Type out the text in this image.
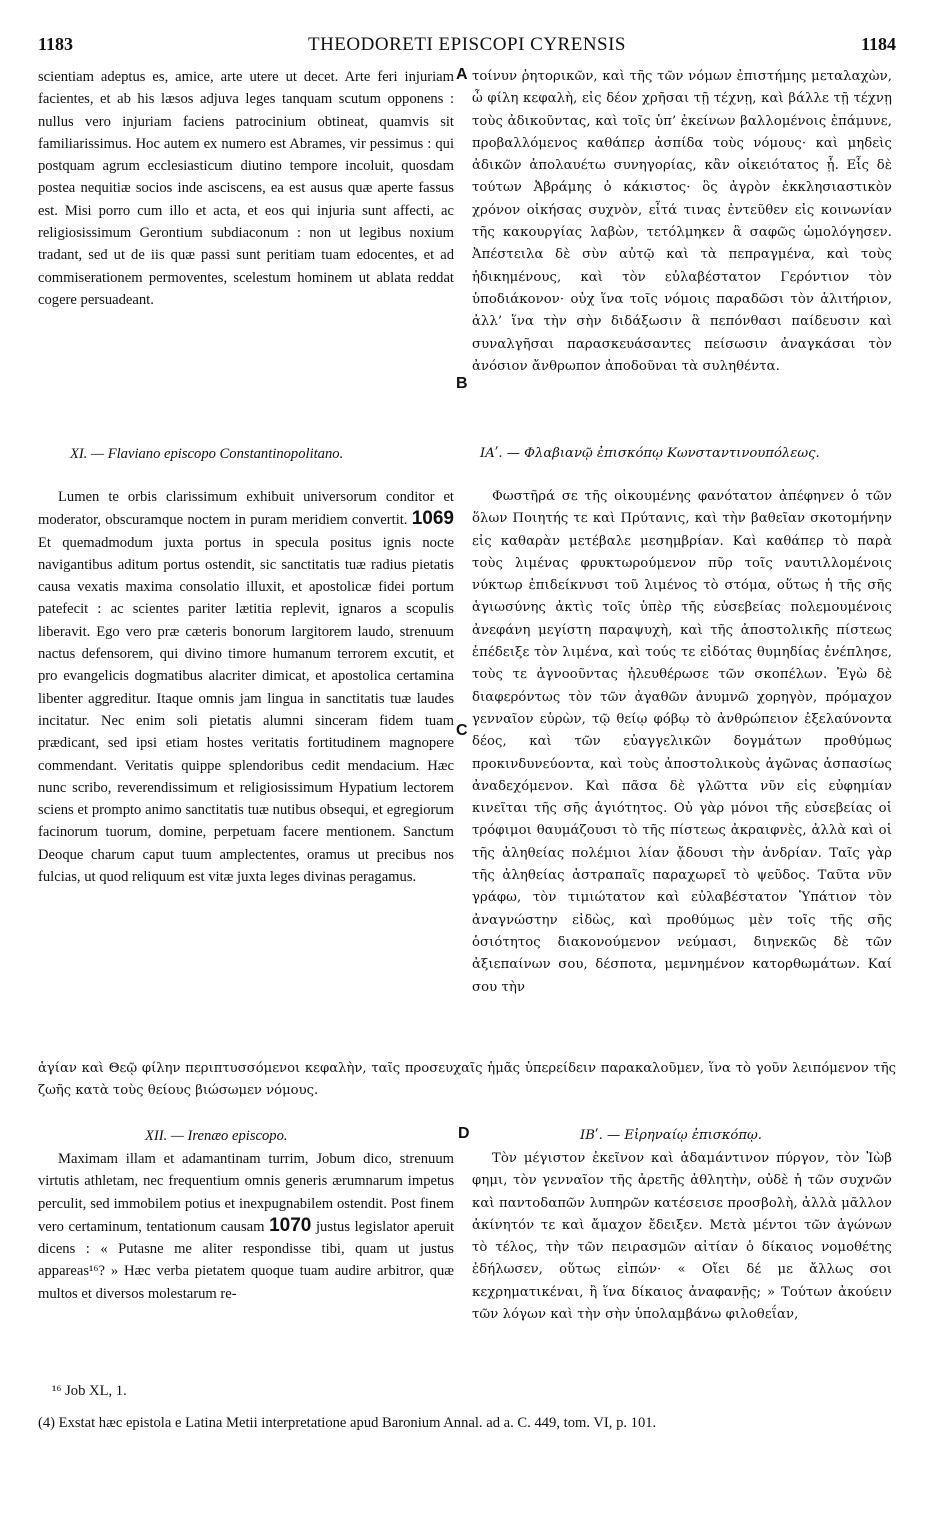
1183	THEODORETI EPISCOPI CYRENSIS	1184
A
B
C
D

scientiam adeptus es, amice, arte utere ut decet. Arte feri injuriam facientes, et ab his læsos adjuva leges tanquam scutum opponens : nullus vero injuriam faciens patrocinium obtineat, quamvis sit familiarissimus. Hoc autem ex numero est Abrames, vir pessimus : qui postquam agrum ecclesiasticum diutino tempore incoluit, quosdam postea nequitiæ socios inde asciscens, ea est ausus quæ aperte fassus est. Misi porro cum illo et acta, et eos qui injuria sunt affecti, ac religiosissimum Gerontium subdiaconum : non ut legibus noxium tradant, sed ut de iis quæ passi sunt peritiam tuam edocentes, et ad commiserationem permoventes, scelestum hominem ut ablata reddat cogere persuadeant.

XI. — Flaviano episcopo Constantinopolitano.

Lumen te orbis clarissimum exhibuit universorum conditor et moderator, obscuramque noctem in puram meridiem convertit. 1069 Et quemadmodum juxta portus in specula positus ignis nocte navigantibus aditum portus ostendit, sic sanctitatis tuæ radius pietatis causa vexatis maxima consolatio illuxit, et apostolicæ fidei portum patefecit : ac scientes pariter lætitia replevit, ignaros a scopulis liberavit. Ego vero præ cæteris bonorum largitorem laudo, strenuum nactus defensorem, qui divino timore humanum terrorem excutit, et pro evangelicis dogmatibus alacriter dimicat, et apostolica certamina libenter aggreditur. Itaque omnis jam lingua in sanctitatis tuæ laudes incitatur. Nec enim soli pietatis alumni sinceram fidem tuam prædicant, sed ipsi etiam hostes veritatis fortitudinem magnopere commendant. Veritatis quippe splendoribus cedit mendacium. Hæc nunc scribo, reverendissimum et religiosissimum Hypatium lectorem sciens et prompto animo sanctitatis tuæ nutibus obsequi, et egregiorum facinorum tuorum, domine, perpetuam facere mentionem. Sanctum Deoque charum caput tuum amplectentes, oramus ut precibus nos fulcias, ut quod reliquum est vitæ juxta leges divinas peragamus.

XII. — Irenæo episcopo.

Maximam illam et adamantinam turrim, Jobum dico, strenuum virtutis athletam, nec frequentium omnis generis ærumnarum impetus perculit, sed immobilem potius et inexpugnabilem ostendit. Post finem vero certaminum, tentationum causam 1070 justus legislator aperuit dicens : « Putasne me aliter respondisse tibi, quam ut justus appareas¹⁶? » Hæc verba pietatem quoque tuam audire arbitror, quæ multos et diversos molestarum re-

τοίνυν ῥητορικῶν, καὶ τῆς τῶν νόμων ἐπιστήμης μεταλαχὼν, ὦ φίλη κεφαλὴ, εἰς δέον χρῆσαι τῇ τέχνῃ, καὶ βάλλε τῇ τέχνῃ τοὺς ἀδικοῦντας, καὶ τοῖς ὑπ’ ἐκείνων βαλλομένοις ἐπάμυνε, προβαλλόμενος καθάπερ ἀσπίδα τοὺς νόμους· καὶ μηδεὶς ἀδικῶν ἀπολαυέτω συνηγορίας, κἂν οἰκειότατος ᾖ. Εἷς δὲ τούτων Ἀβράμης ὁ κάκιστος· ὃς ἀγρὸν ἐκκλησιαστικὸν χρόνον οἰκήσας συχνὸν, εἶτά τινας ἐντεῦθεν εἰς κοινωνίαν τῆς κακουργίας λαβὼν, τετόλμηκεν ἃ σαφῶς ὡμολόγησεν. Ἀπέστειλα δὲ σὺν αὐτῷ καὶ τὰ πεπραγμένα, καὶ τοὺς ἠδικημένους, καὶ τὸν εὐλαβέστατον Γερόντιον τὸν ὑποδιάκονον· οὐχ ἵνα τοῖς νόμοις παραδῶσι τὸν ἀλιτήριον, ἀλλ’ ἵνα τὴν σὴν διδάξωσιν ἃ πεπόνθασι παίδευσιν καὶ συναλγῆσαι παρασκευάσαντες πείσωσιν ἀναγκάσαι τὸν ἀνόσιον ἄνθρωπον ἀποδοῦναι τὰ συληθέντα.

ΙΑʹ. — Φλαβιανῷ ἐπισκόπῳ Κωνσταντινουπόλεως.

Φωστῆρά σε τῆς οἰκουμένης φανότατον ἀπέφηνεν ὁ τῶν ὅλων Ποιητής τε καὶ Πρύτανις, καὶ τὴν βαθεῖαν σκοτομήνην εἰς καθαρὰν μετέβαλε μεσημβρίαν. Καὶ καθάπερ τὸ παρὰ τοὺς λιμένας φρυκτωρούμενον πῦρ τοῖς ναυτιλλομένοις νύκτωρ ἐπιδείκνυσι τοῦ λιμένος τὸ στόμα, οὕτως ἡ τῆς σῆς ἁγιωσύνης ἀκτὶς τοῖς ὑπὲρ τῆς εὐσεβείας πολεμουμένοις ἀνεφάνη μεγίστη παραψυχὴ, καὶ τῆς ἀποστολικῆς πίστεως ἐπέδειξε τὸν λιμένα, καὶ τούς τε εἰδότας θυμηδίας ἐνέπλησε, τοὺς τε ἀγνοοῦντας ἠλευθέρωσε τῶν σκοπέλων. Ἐγὼ δὲ διαφερόντως τὸν τῶν ἀγαθῶν ἀνυμνῶ χορηγὸν, πρόμαχον γενναῖον εὑρὼν, τῷ θείῳ φόβῳ τὸ ἀνθρώπειον ἐξελαύνοντα δέος, καὶ τῶν εὐαγγελικῶν δογμάτων προθύμως προκινδυνεύοντα, καὶ τοὺς ἀποστολικοὺς ἀγῶνας ἀσπασίως ἀναδεχόμενον. Καὶ πᾶσα δὲ γλῶττα νῦν εἰς εὐφημίαν κινεῖται τῆς σῆς ἁγιότητος. Οὐ γὰρ μόνοι τῆς εὐσεβείας οἱ τρόφιμοι θαυμάζουσι τὸ τῆς πίστεως ἀκραιφνὲς, ἀλλὰ καὶ οἱ τῆς ἀληθείας πολέμιοι λίαν ᾄδουσι τὴν ἀνδρίαν. Ταῖς γὰρ τῆς ἀληθείας ἀστραπαῖς παραχωρεῖ τὸ ψεῦδος. Ταῦτα νῦν γράφω, τὸν τιμιώτατον καὶ εὐλαβέστατον Ὑπάτιον τὸν ἀναγνώστην εἰδὼς, καὶ προθύμως μὲν τοῖς τῆς σῆς ὁσιότητος διακονούμενον νεύμασι, διηνεκῶς δὲ τῶν ἀξιεπαίνων σου, δέσποτα, μεμνημένον κατορθωμάτων. Καί σου τὴν

ἁγίαν καὶ Θεῷ φίλην περιπτυσσόμενοι κεφαλὴν, ταῖς προσευχαῖς ἡμᾶς ὑπερείδειν παρακαλοῦμεν, ἵνα τὸ γοῦν λειπόμενον τῆς ζωῆς κατὰ τοὺς θείους βιώσωμεν νόμους.

ΙΒʹ. — Εἰρηναίῳ ἐπισκόπῳ.

Τὸν μέγιστον ἐκεῖνον καὶ ἀδαμάντινον πύργον, τὸν Ἰὼβ φημι, τὸν γενναῖον τῆς ἀρετῆς ἀθλητὴν, οὐδὲ ἡ τῶν συχνῶν καὶ παντοδαπῶν λυπηρῶν κατέσεισε προσβολὴ, ἀλλὰ μᾶλλον ἀκίνητόν τε καὶ ἄμαχον ἔδειξεν. Μετὰ μέντοι τῶν ἀγώνων τὸ τέλος, τὴν τῶν πειρασμῶν αἰτίαν ὁ δίκαιος νομοθέτης ἐδήλωσεν, οὕτως εἰπών· « Οἴει δέ με ἄλλως σοι κεχρηματικέναι, ἢ ἵνα δίκαιος ἀναφανῇς; » Τούτων ἀκούειν τῶν λόγων καὶ τὴν σὴν ὑπολαμβάνω φιλοθεΐαν,

¹⁶ Job XL, 1.
(4) Exstat hæc epistola e Latina Metii interpretatione apud Baronium Annal. ad a. C. 449, tom. VI, p. 101.
